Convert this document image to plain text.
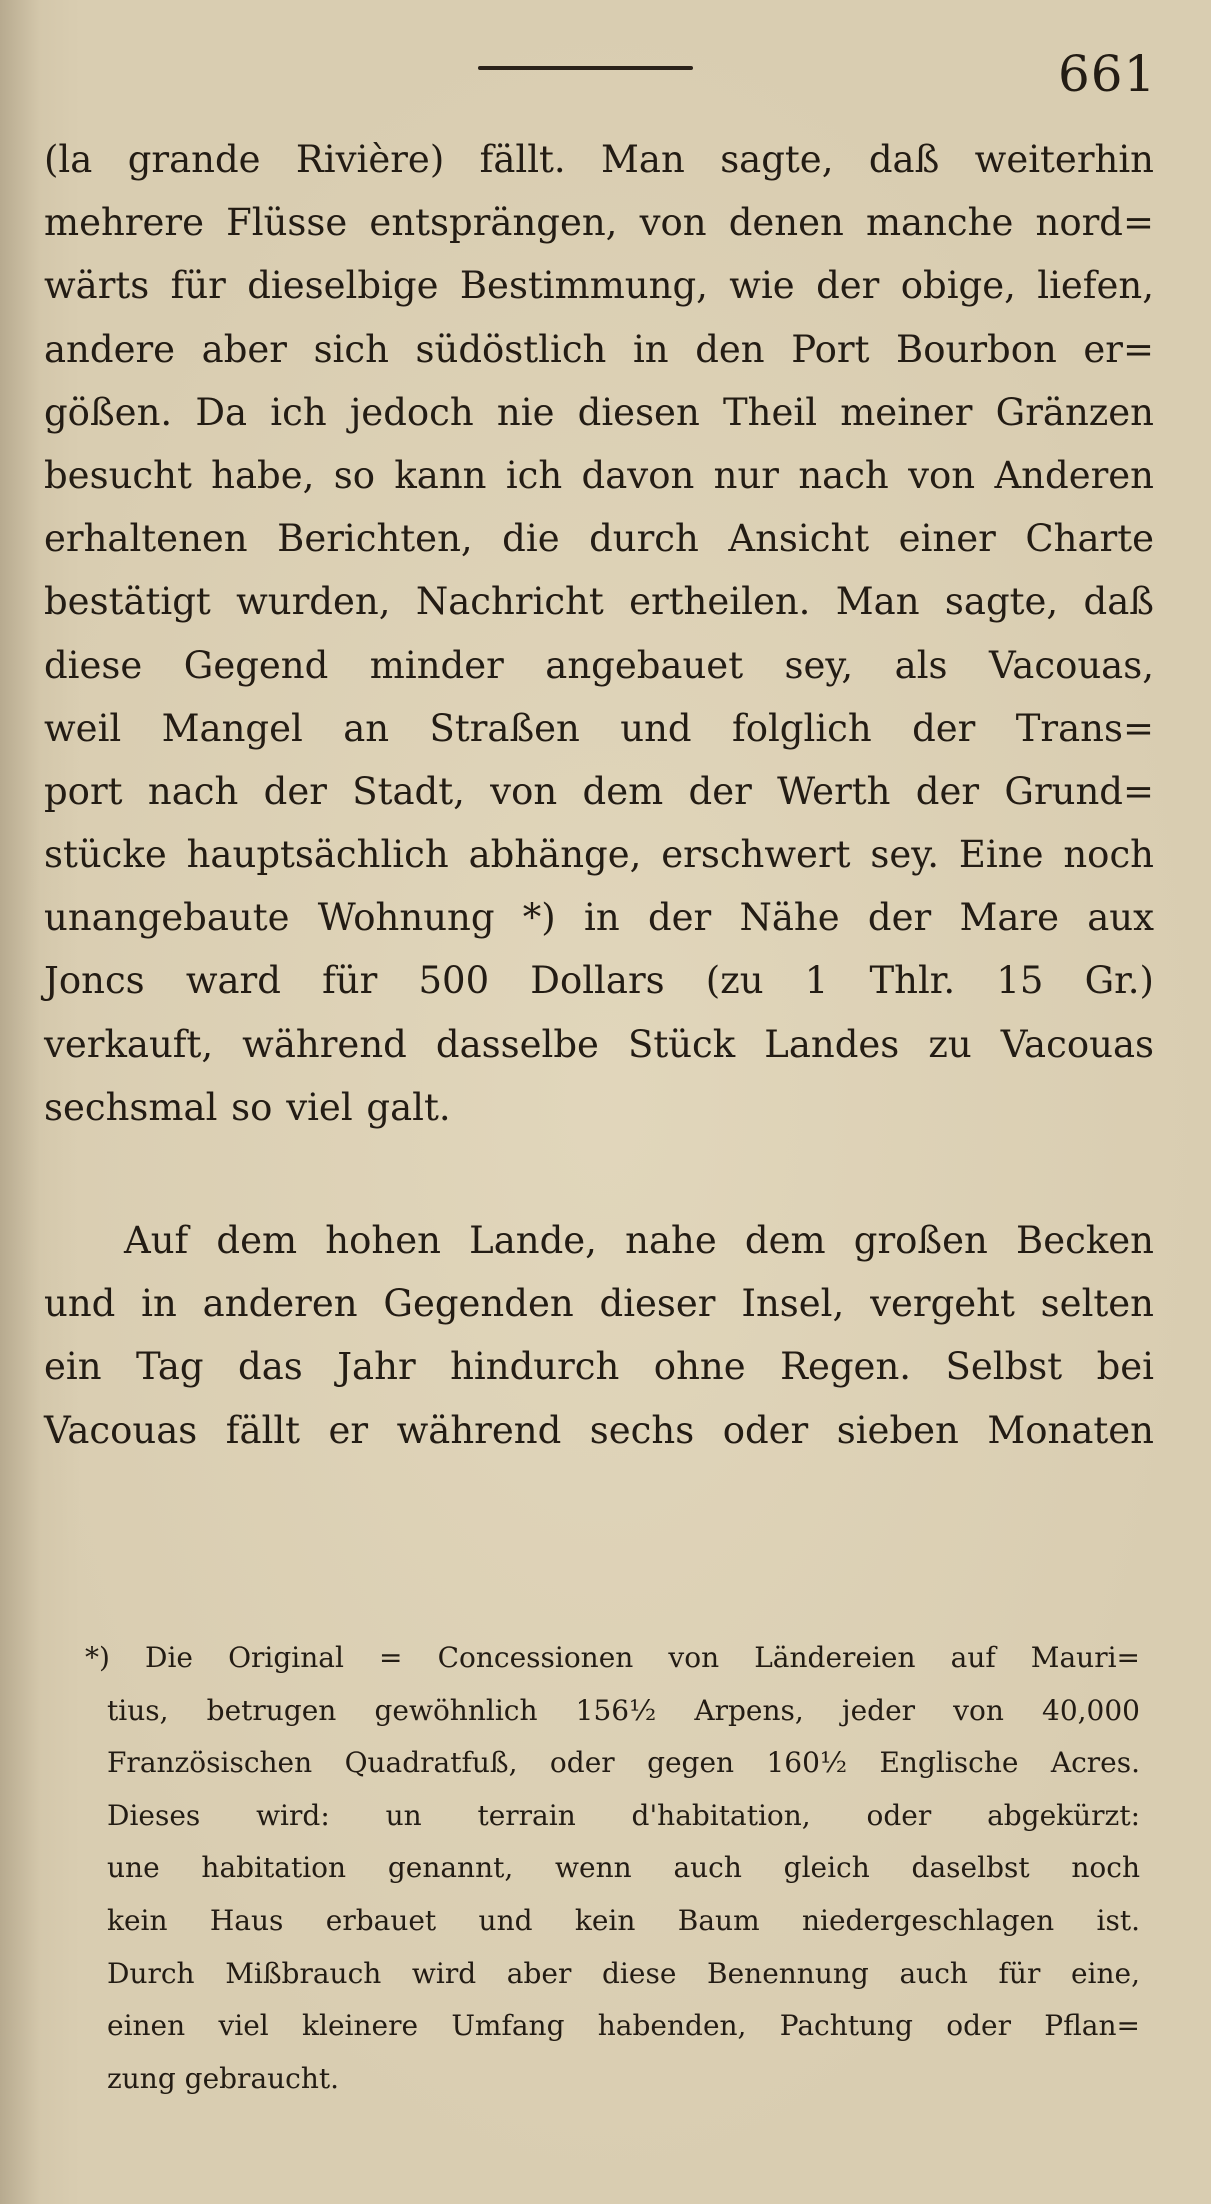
661
(la grande Rivière) fällt. Man sagte, daß weiterhin
mehrere Flüsse entsprängen, von denen manche nord=
wärts für dieselbige Bestimmung, wie der obige, liefen,
andere aber sich südöstlich in den Port Bourbon er=
gößen. Da ich jedoch nie diesen Theil meiner Gränzen
besucht habe, so kann ich davon nur nach von Anderen
erhaltenen Berichten, die durch Ansicht einer Charte
bestätigt wurden, Nachricht ertheilen. Man sagte, daß
diese Gegend minder angebauet sey, als Vacouas,
weil Mangel an Straßen und folglich der Trans=
port nach der Stadt, von dem der Werth der Grund=
stücke hauptsächlich abhänge, erschwert sey. Eine noch
unangebaute Wohnung *) in der Nähe der Mare aux
Joncs ward für 500 Dollars (zu 1 Thlr. 15 Gr.)
verkauft, während dasselbe Stück Landes zu Vacouas
sechsmal so viel galt.
Auf dem hohen Lande, nahe dem großen Becken
und in anderen Gegenden dieser Insel, vergeht selten
ein Tag das Jahr hindurch ohne Regen. Selbst bei
Vacouas fällt er während sechs oder sieben Monaten
*) Die Original = Concessionen von Ländereien auf Mauri=
tius, betrugen gewöhnlich 156½ Arpens, jeder von 40,000
Französischen Quadratfuß, oder gegen 160½ Englische Acres.
Dieses wird: un terrain d'habitation, oder abgekürzt:
une habitation genannt, wenn auch gleich daselbst noch
kein Haus erbauet und kein Baum niedergeschlagen ist.
Durch Mißbrauch wird aber diese Benennung auch für eine,
einen viel kleinere Umfang habenden, Pachtung oder Pflan=
zung gebraucht.
